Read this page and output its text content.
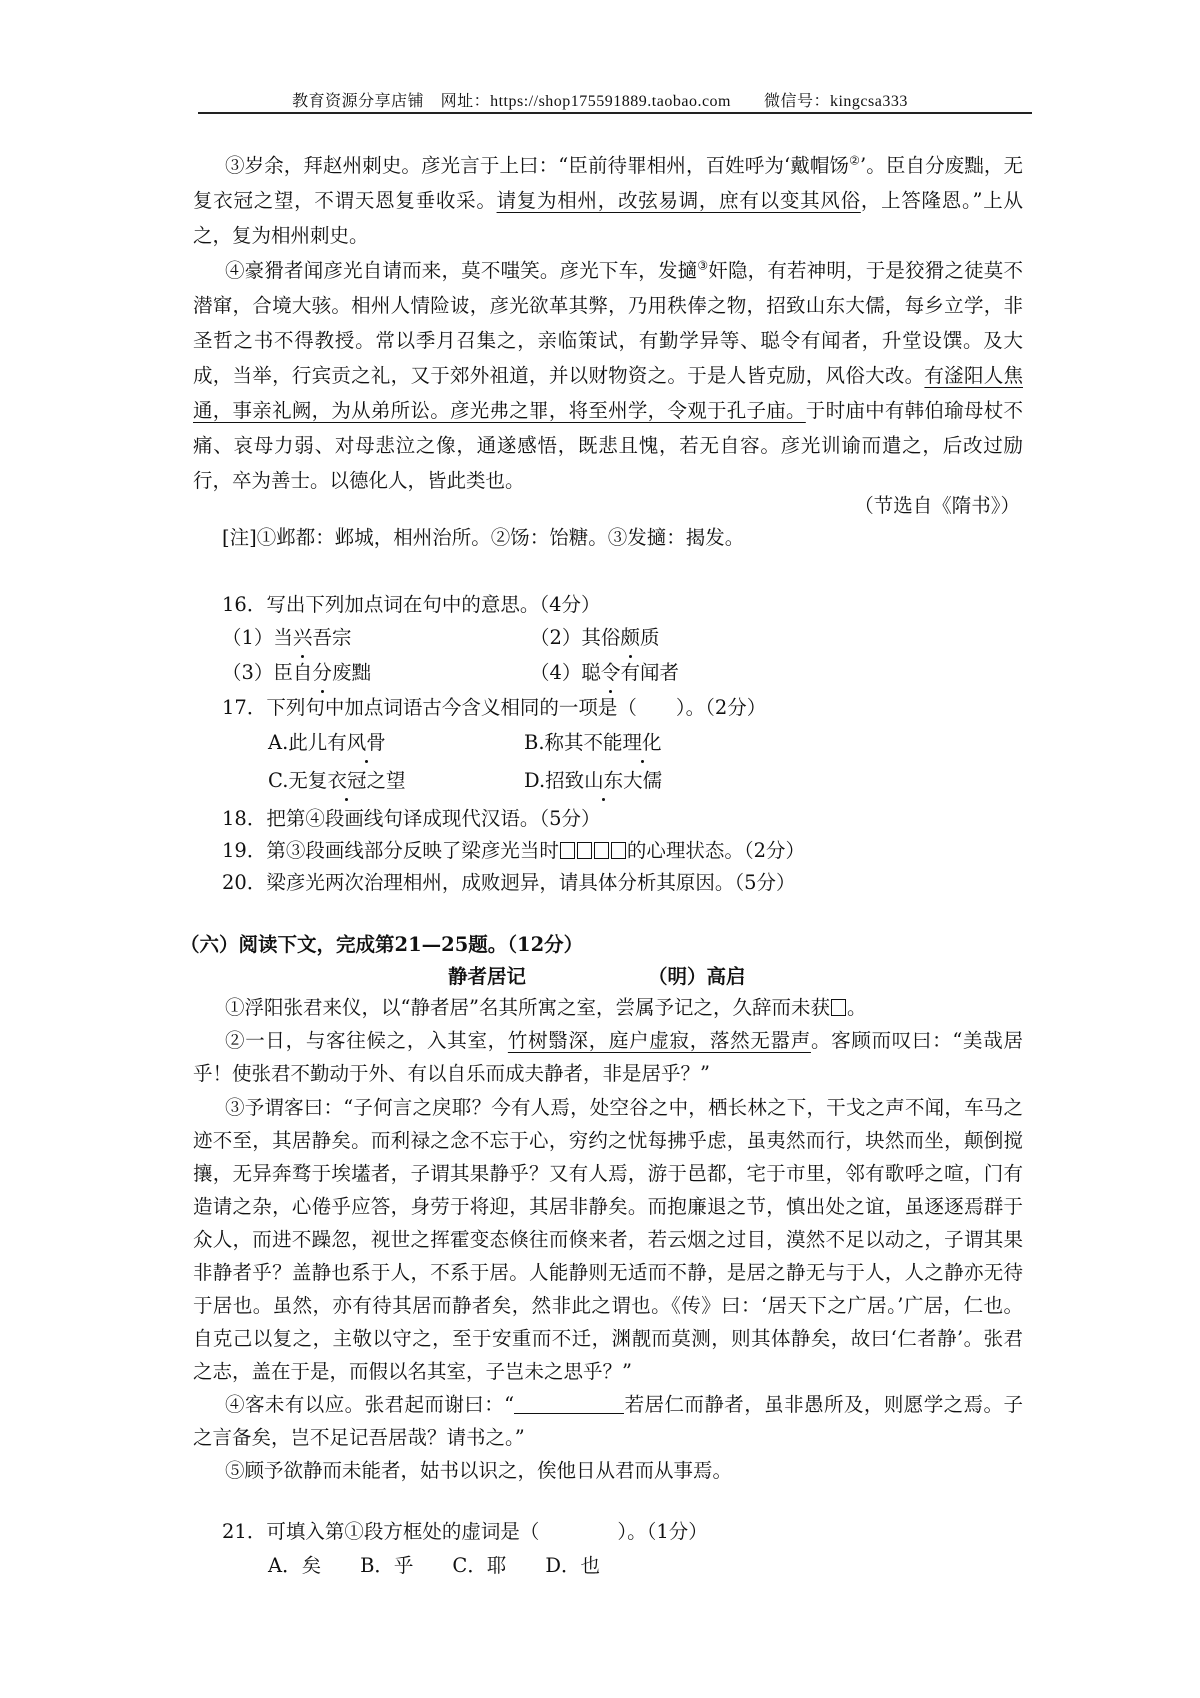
教育资源分享店铺　网址：https://shop175591889.taobao.com　　微信号：kingcsa333

③岁余，拜赵州刺史。彦光言于上曰：“臣前待罪相州，百姓呼为‘戴帽饧②’。臣自分废黜，无复衣冠之望，不谓天恩复垂收采。请复为相州，改弦易调，庶有以变其风俗，上答隆恩。”上从之，复为相州刺史。

④豪猾者闻彦光自请而来，莫不嗤笑。彦光下车，发擿③奸隐，有若神明，于是狡猾之徒莫不潜窜，合境大骇。相州人情险诐，彦光欲革其弊，乃用秩俸之物，招致山东大儒，每乡立学，非圣哲之书不得教授。常以季月召集之，亲临策试，有勤学异等、聪令有闻者，升堂设馔。及大成，当举，行宾贡之礼，又于郊外祖道，并以财物资之。于是人皆克励，风俗大改。有滏阳人焦通，事亲礼阙，为从弟所讼。彦光弗之罪，将至州学，令观于孔子庙。于时庙中有韩伯瑜母杖不痛、哀母力弱、对母悲泣之像，通遂感悟，既悲且愧，若无自容。彦光训谕而遣之，后改过励行，卒为善士。以德化人，皆此类也。

（节选自《隋书》）
[注]①邺都：邺城，相州治所。②饧：饴糖。③发擿：揭发。
16．写出下列加点词在句中的意思。（4分）
（1）当兴吾宗	（2）其俗颇质
（3）臣自分废黜	（4）聪令有闻者
17．下列句中加点词语古今含义相同的一项是（　　）。（2分）
A.此儿有风骨	B.称其不能理化
C.无复衣冠之望	D.招致山东大儒
18．把第④段画线句译成现代汉语。（5分）
19．第③段画线部分反映了梁彦光当时	的心理状态。（2分）
20．梁彦光两次治理相州，成败迥异，请具体分析其原因。（5分）
（六）阅读下文，完成第21—25题。（12分）
静者居记	（明）高启

①浮阳张君来仪，以“静者居”名其所寓之室，尝属予记之，久辞而未获 。

②一日，与客往候之，入其室，竹树翳深，庭户虚寂，落然无嚣声。客顾而叹曰：“美哉居乎！使张君不勤动于外、有以自乐而成夫静者，非是居乎？”

③予谓客曰：“子何言之戾耶？今有人焉，处空谷之中，栖长林之下，干戈之声不闻，车马之迹不至，其居静矣。而利禄之念不忘于心，穷约之忧每拂乎虑，虽夷然而行，块然而坐，颠倒搅攘，无异奔骛于埃壒者，子谓其果静乎？又有人焉，游于邑都，宅于市里，邻有歌呼之喧，门有造请之杂，心倦乎应答，身劳于将迎，其居非静矣。而抱廉退之节，慎出处之谊，虽逐逐焉群于众人，而进不躁忽，视世之挥霍变态倏往而倏来者，若云烟之过目，漠然不足以动之，子谓其果非静者乎？盖静也系于人，不系于居。人能静则无适而不静，是居之静无与于人，人之静亦无待于居也。虽然，亦有待其居而静者矣，然非此之谓也。《传》曰：‘居天下之广居。’广居，仁也。自克己以复之，主敬以守之，至于安重而不迁，渊靓而莫测，则其体静矣，故曰‘仁者静’。张君之志，盖在于是，而假以名其室，子岂未之思乎？”

④客未有以应。张君起而谢曰：“	若居仁而静者，虽非愚所及，则愿学之焉。子之言备矣，岂不足记吾居哉？请书之。”

⑤顾予欲静而未能者，姑书以识之，俟他日从君而从事焉。

21．可填入第①段方框处的虚词是（　　　　）。（1分）
A．矣　　B．乎　　C．耶　　D．也
